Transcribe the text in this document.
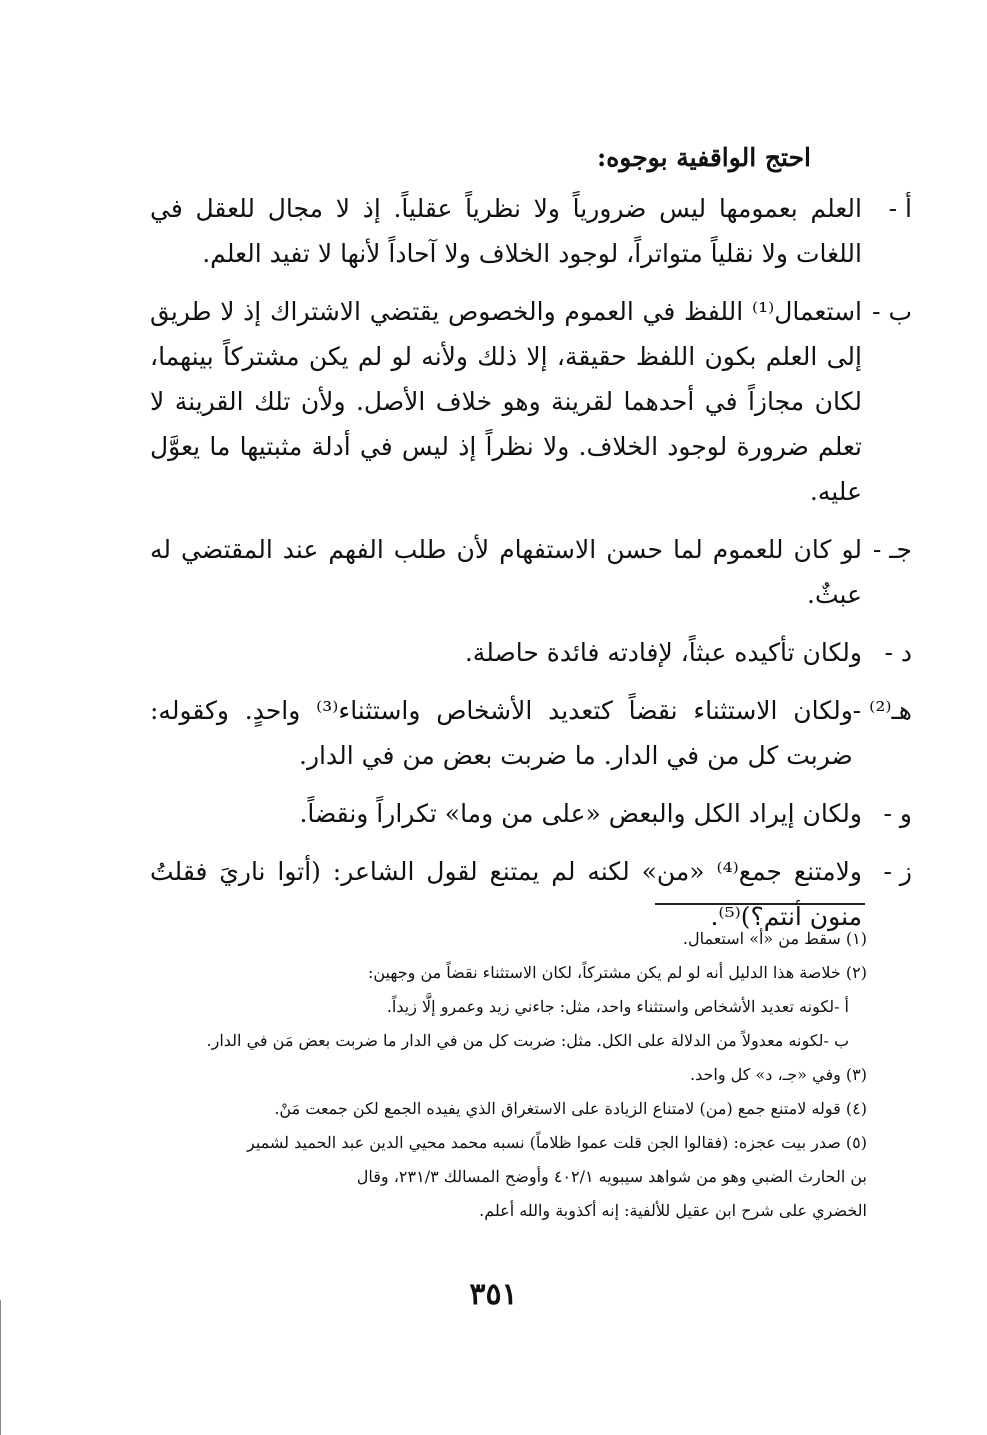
احتج الواقفية بوجوه:
أ -
العلم بعمومها ليس ضرورياً ولا نظرياً عقلياً. إذ لا مجال للعقل في اللغات ولا نقلياً متواتراً، لوجود الخلاف ولا آحاداً لأنها لا تفيد العلم.
ب -
استعمال⁽¹⁾ اللفظ في العموم والخصوص يقتضي الاشتراك إذ لا طريق إلى العلم بكون اللفظ حقيقة، إلا ذلك ولأنه لو لم يكن مشتركاً بينهما، لكان مجازاً في أحدهما لقرينة وهو خلاف الأصل. ولأن تلك القرينة لا تعلم ضرورة لوجود الخلاف. ولا نظراً إذ ليس في أدلة مثبتيها ما يعوَّل عليه.
جـ -
لو كان للعموم لما حسن الاستفهام لأن طلب الفهم عند المقتضي له عبثٌ.
د -
ولكان تأكيده عبثاً، لإفادته فائدة حاصلة.
هـ⁽²⁾ -
ولكان الاستثناء نقضاً كتعديد الأشخاص واستثناء⁽³⁾ واحدٍ. وكقوله: ضربت كل من في الدار. ما ضربت بعض من في الدار.
و -
ولكان إيراد الكل والبعض «على من وما» تكراراً ونقضاً.
ز -
ولامتنع جمع⁽⁴⁾ «من» لكنه لم يمتنع لقول الشاعر: (أتوا ناريَ فقلتُ منون أنتم؟)⁽⁵⁾.
(١) سقط من «أ» استعمال.
(٢) خلاصة هذا الدليل أنه لو لم يكن مشتركاً، لكان الاستثناء نقضاً من وجهين:
أ -لكونه تعديد الأشخاص واستثناء واحد، مثل: جاءني زيد وعمرو إلَّا زيداً.
ب -لكونه معدولاً من الدلالة على الكل. مثل: ضربت كل من في الدار ما ضربت بعض مَن في الدار.
(٣) وفي «جـ، د» كل واحد.
(٤) قوله لامتنع جمع (من) لامتناع الزيادة على الاستغراق الذي يفيده الجمع لكن جمعت مَنْ.
(٥) صدر بيت عجزه: (فقالوا الجن قلت عموا ظلاماً) نسبه محمد محيي الدين عبد الحميد لشمير
بن الحارث الضبي وهو من شواهد سيبويه ٤٠٢/١ وأوضح المسالك ٢٣١/٣، وقال
الخضري على شرح ابن عقيل للألفية: إنه أكذوبة والله أعلم.
٣٥١
